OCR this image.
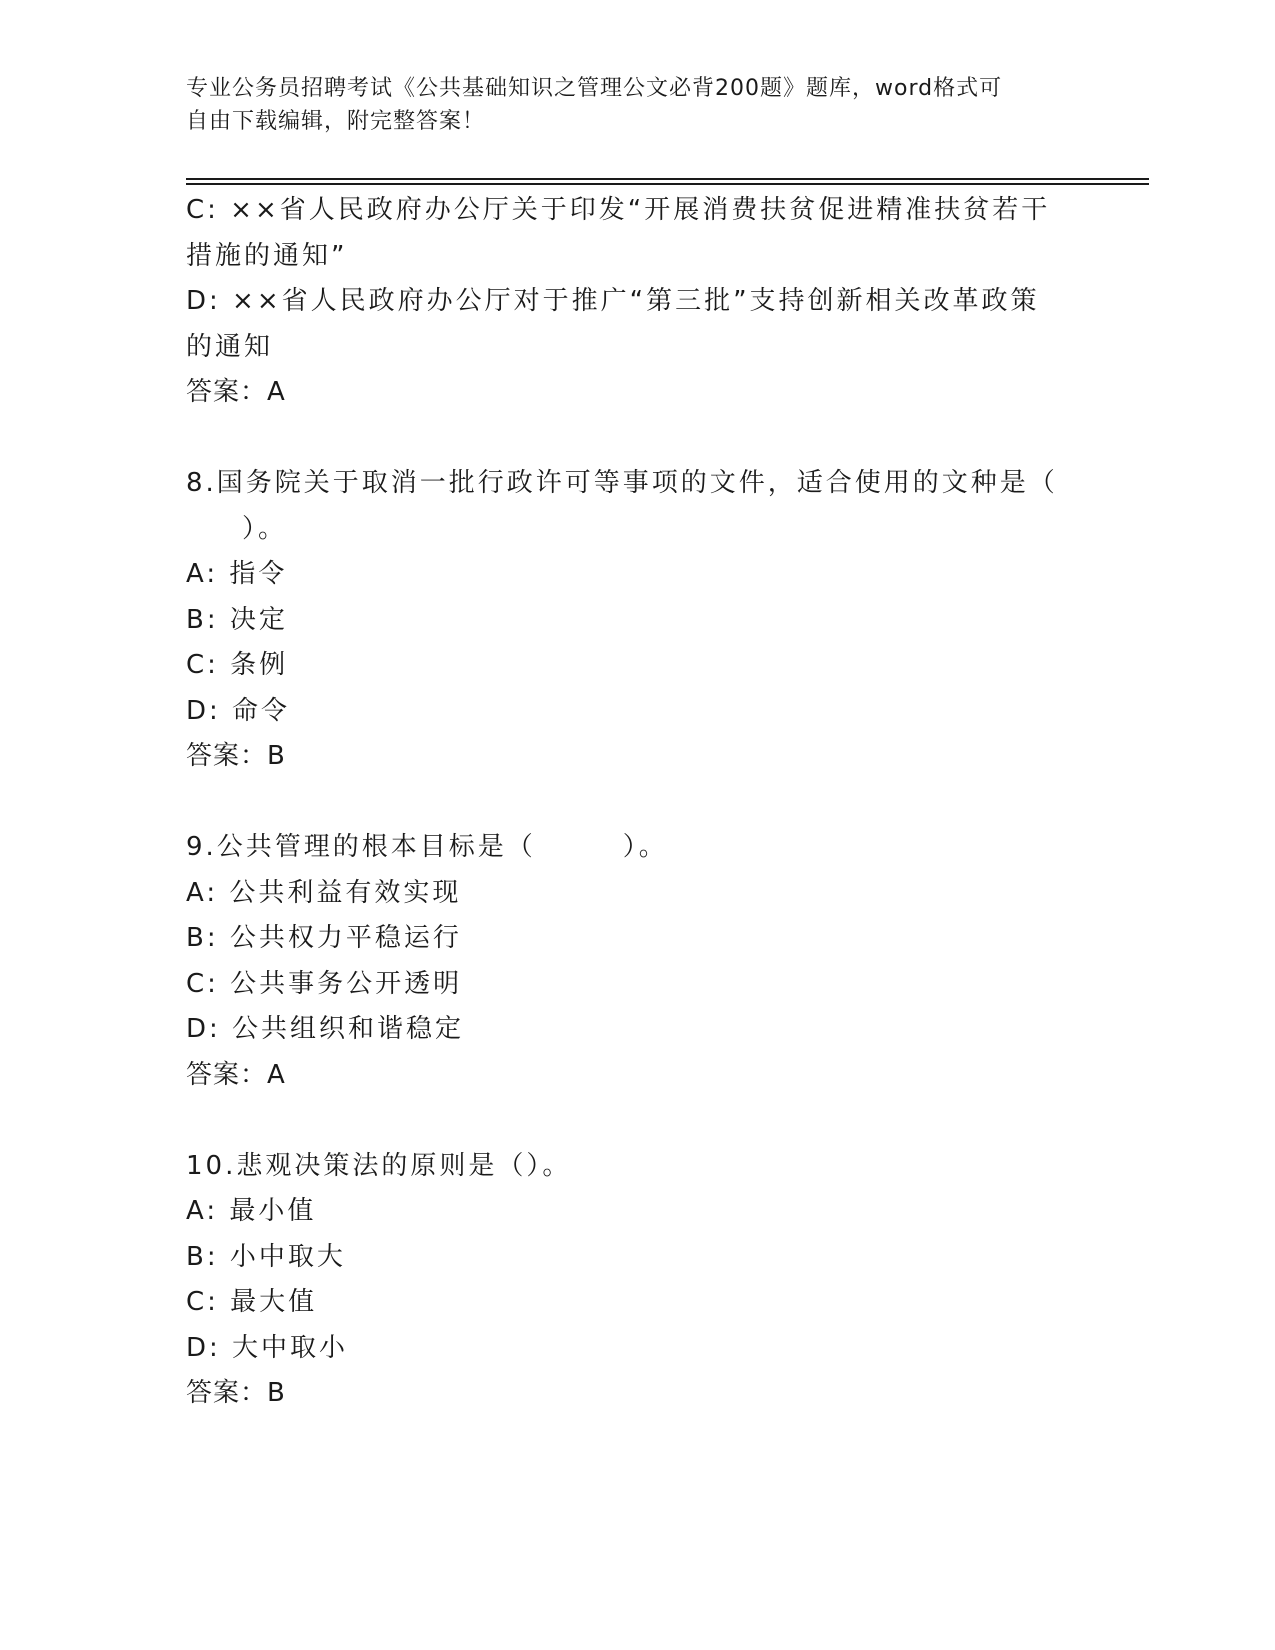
专业公务员招聘考试《公共基础知识之管理公文必背200题》题库，word格式可
自由下载编辑，附完整答案！
C: ××省人民政府办公厅关于印发“开展消费扶贫促进精准扶贫若干
措施的通知”
D: ××省人民政府办公厅对于推广“第三批”支持创新相关改革政策
的通知
答案：A
8.国务院关于取消一批行政许可等事项的文件，适合使用的文种是（
）。
A: 指令
B: 决定
C: 条例
D: 命令
答案：B
9.公共管理的根本目标是（　　　）。
A: 公共利益有效实现
B: 公共权力平稳运行
C: 公共事务公开透明
D: 公共组织和谐稳定
答案：A
10.悲观决策法的原则是（）。
A: 最小值
B: 小中取大
C: 最大值
D: 大中取小
答案：B
